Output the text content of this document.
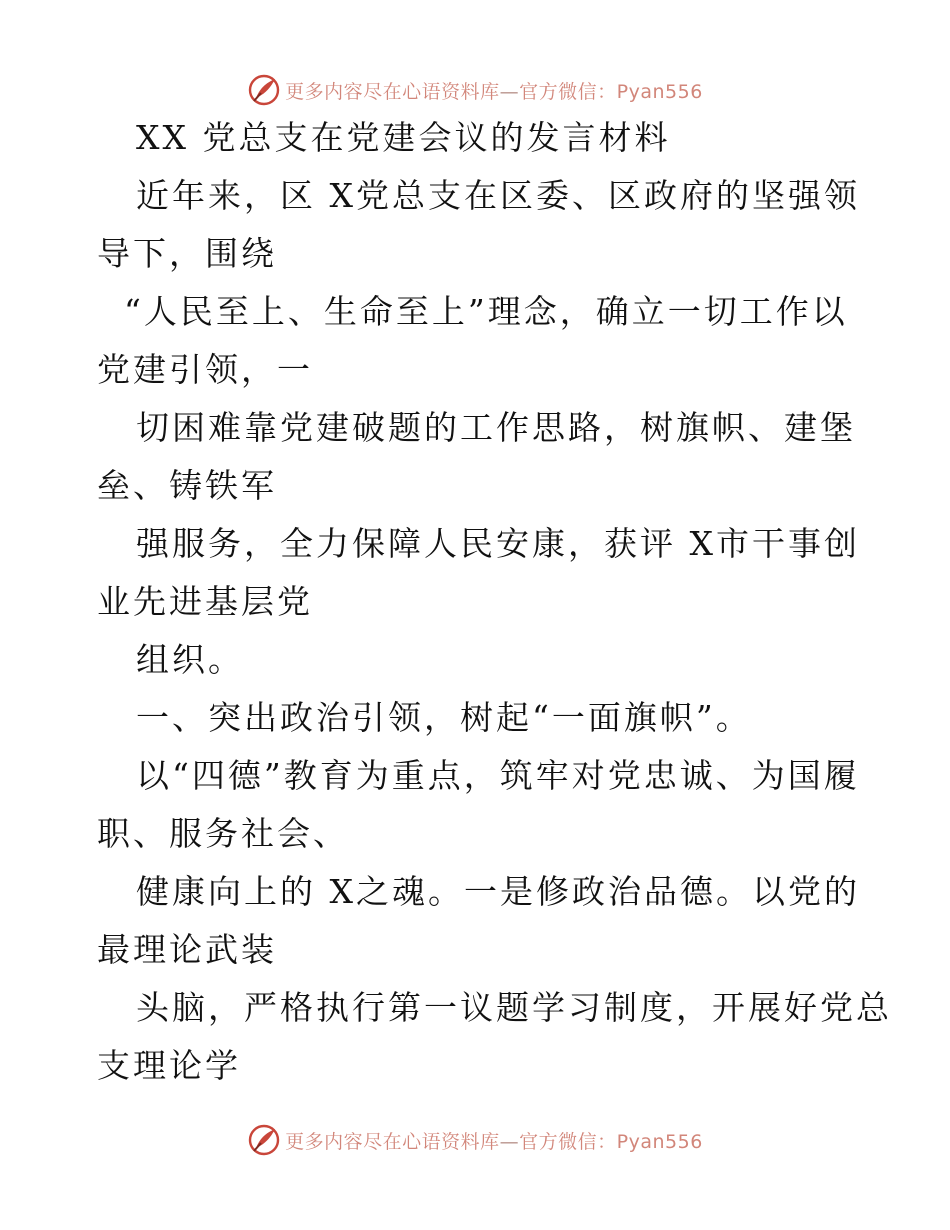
更多内容尽在心语资料库—官方微信：Pyan556
XX 党总支在党建会议的发言材料
近年来，区 X党总支在区委、区政府的坚强领
导下，围绕
“人民至上、生命至上”理念，确立一切工作以
党建引领，一
切困难靠党建破题的工作思路，树旗帜、建堡
垒、铸铁军
强服务，全力保障人民安康，获评 X市干事创
业先进基层党
组织。
一、突出政治引领，树起“一面旗帜”。
以“四德”教育为重点，筑牢对党忠诚、为国履
职、服务社会、
健康向上的 X之魂。一是修政治品德。以党的
最理论武装
头脑，严格执行第一议题学习制度，开展好党总
支理论学
更多内容尽在心语资料库—官方微信：Pyan556
